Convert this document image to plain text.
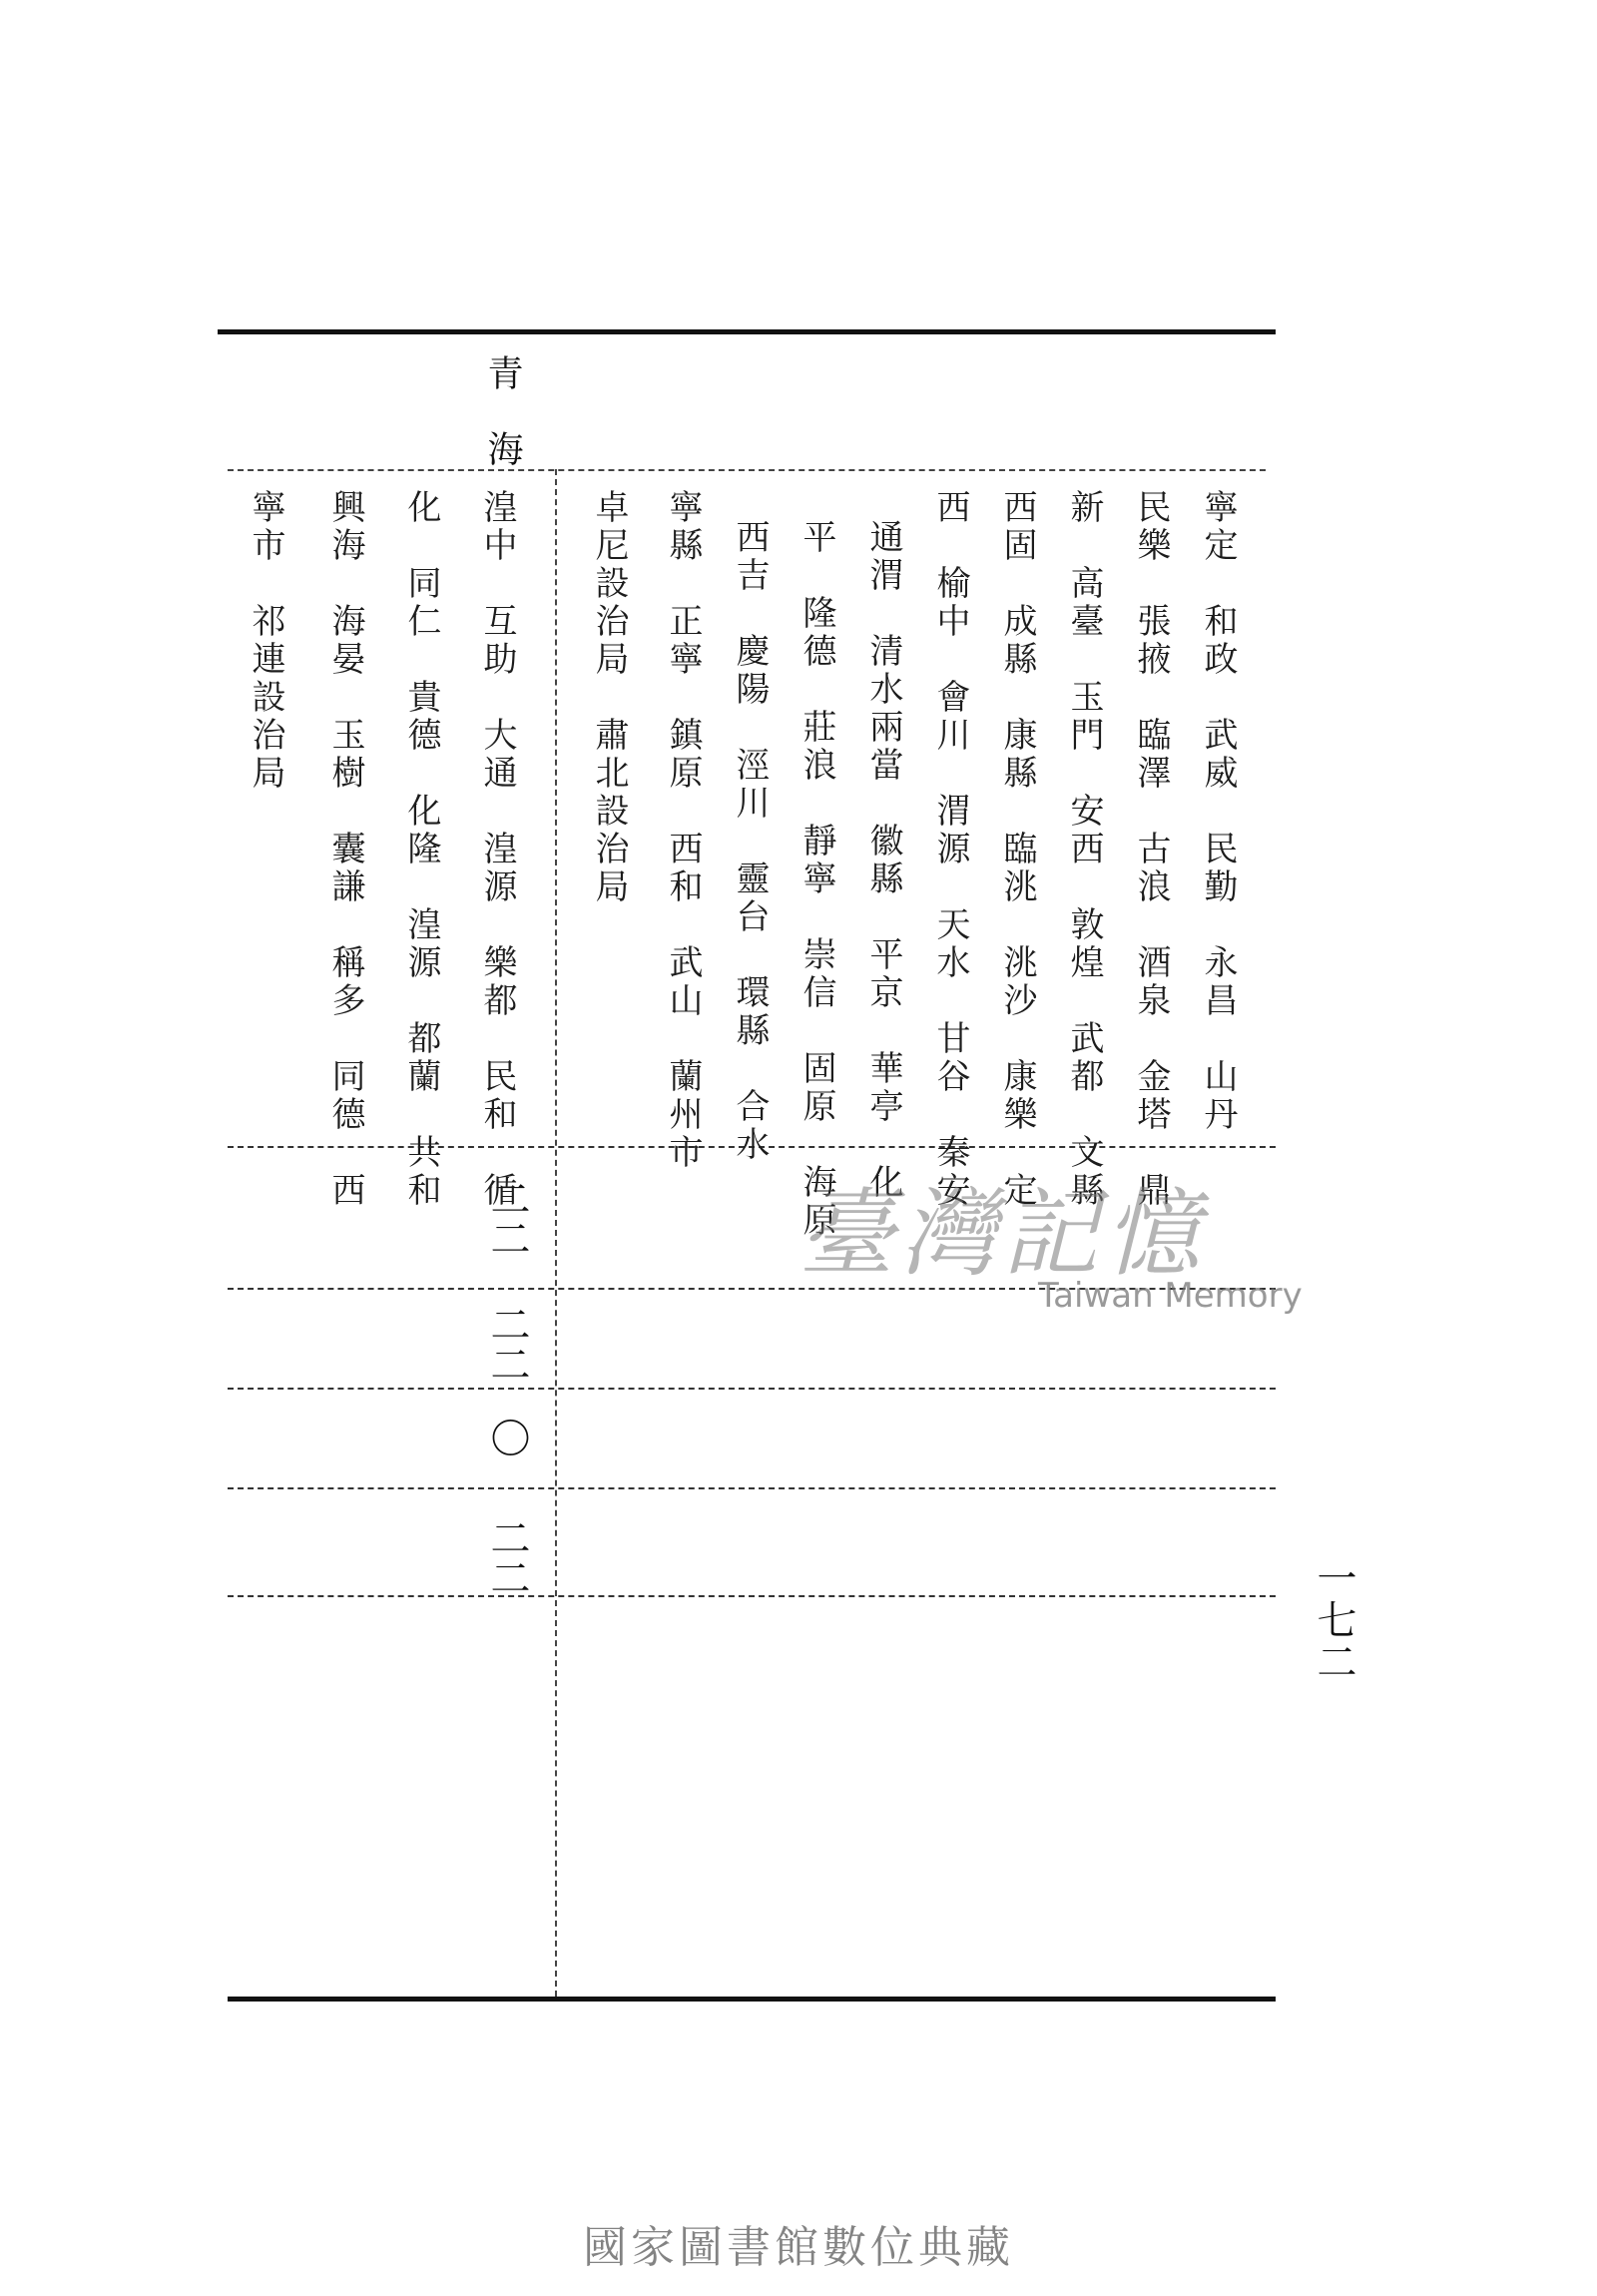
青海
寧定　和政　武威　民勤　永昌　山丹
民樂　張掖　臨澤　古浪　酒泉　金塔　鼎
新　高臺　玉門　安西　敦煌　武都　文縣
西固　成縣　康縣　臨洮　洮沙　康樂　定
西　榆中　會川　渭源　天水　甘谷　秦安
通渭　清水兩當　徽縣　平京　華亭　化
平　隆德　莊浪　靜寧　崇信　固原　海原
西吉　慶陽　涇川　靈台　環縣　合水
寧縣　正寧　鎮原　西和　武山　蘭州市
卓尼設治局　肅北設治局
湟中　互助　大通　湟源　樂都　民和　循
化　同仁　貴德　化隆　湟源　都蘭　共和
興海　海晏　玉樹　囊謙　稱多　同德　西
寧市　祁連設治局
二二
二二
〇
二二	一七二
臺灣記憶
Taiwan Memory
國家圖書館數位典藏
